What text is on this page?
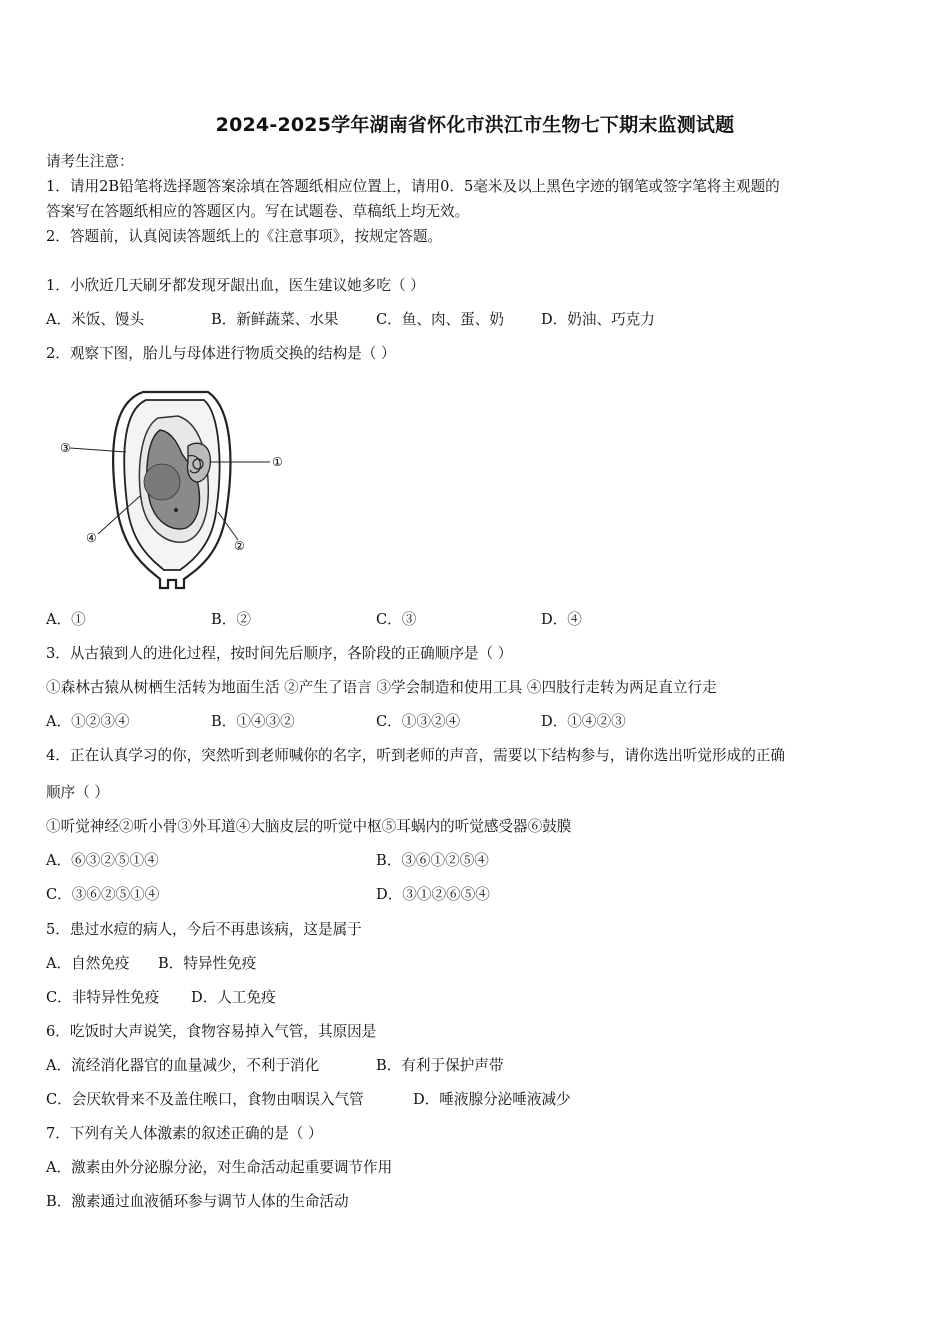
2024-2025学年湖南省怀化市洪江市生物七下期末监测试题
请考生注意：
1．请用2B铅笔将选择题答案涂填在答题纸相应位置上，请用0．5毫米及以上黑色字迹的钢笔或签字笔将主观题的
答案写在答题纸相应的答题区内。写在试题卷、草稿纸上均无效。
2．答题前，认真阅读答题纸上的《注意事项》，按规定答题。
1．小欣近几天刷牙都发现牙龈出血，医生建议她多吃（ ）
A．米饭、馒头	B．新鲜蔬菜、水果	C．鱼、肉、蛋、奶	D．奶油、巧克力
2．观察下图，胎儿与母体进行物质交换的结构是（ ）
③
①
②
④
A．①	B．②	C．③	D．④
3．从古猿到人的进化过程，按时间先后顺序，各阶段的正确顺序是（ ）
①森林古猿从树栖生活转为地面生活 ②产生了语言 ③学会制造和使用工具 ④四肢行走转为两足直立行走
A．①②③④	B．①④③②	C．①③②④	D．①④②③
4．正在认真学习的你，突然听到老师喊你的名字，听到老师的声音，需要以下结构参与，请你选出听觉形成的正确
顺序（ ）
①听觉神经②听小骨③外耳道④大脑皮层的听觉中枢⑤耳蜗内的听觉感受器⑥鼓膜
A．⑥③②⑤①④	B．③⑥①②⑤④
C．③⑥②⑤①④	D．③①②⑥⑤④
5．患过水痘的病人，今后不再患该病，这是属于
A．自然免疫 B．特异性免疫
C．非特异性免疫 D．人工免疫
6．吃饭时大声说笑，食物容易掉入气管，其原因是
A．流经消化器官的血量减少，不利于消化	B．有利于保护声带
C．会厌软骨来不及盖住喉口，食物由咽误入气管	D．唾液腺分泌唾液减少
7．下列有关人体激素的叙述正确的是（ ）
A．激素由外分泌腺分泌，对生命活动起重要调节作用
B．激素通过血液循环参与调节人体的生命活动
